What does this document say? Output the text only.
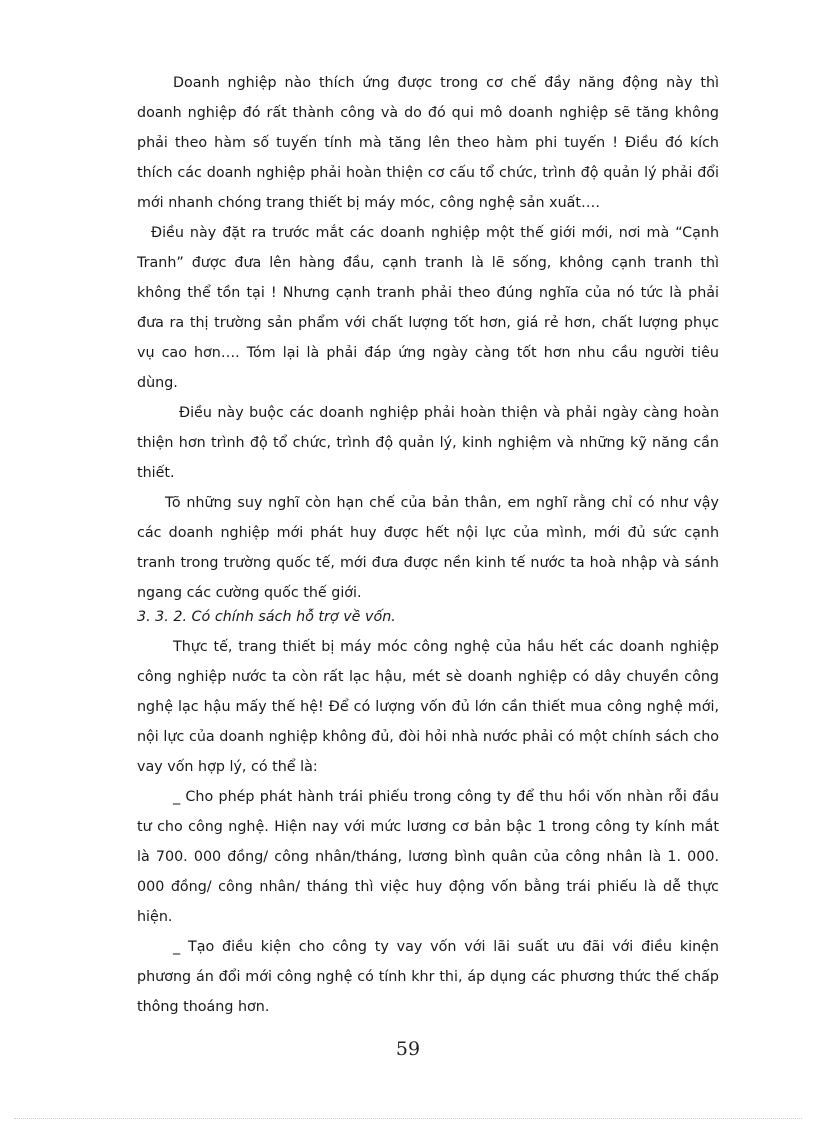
Doanh nghiệp nào thích ứng được trong cơ chế đầy năng động này thì doanh nghiệp đó rất thành công và do đó qui mô doanh nghiệp sẽ tăng không phải theo hàm số tuyến tính mà tăng lên theo hàm phi tuyến ! Điều đó kích thích các doanh nghiệp phải hoàn thiện cơ cấu tổ chức, trình độ quản lý phải đổi mới nhanh chóng trang thiết bị máy móc, công nghệ sản xuất….

Điều này đặt ra trước mắt các doanh nghiệp một thế giới mới, nơi mà “Cạnh Tranh” được đưa lên hàng đầu, cạnh tranh là lẽ sống, không cạnh tranh thì không thể tồn tại ! Nhưng cạnh tranh phải theo đúng nghĩa của nó tức là phải đưa ra thị trường sản phẩm với chất lượng tốt hơn, giá rẻ hơn, chất lượng phục vụ cao hơn…. Tóm lại là phải đáp ứng ngày càng tốt hơn nhu cầu người tiêu dùng.

Điều này buộc các doanh nghiệp phải hoàn thiện và phải ngày càng hoàn thiện hơn trình độ tổ chức, trình độ quản lý, kinh nghiệm và những kỹ năng cần thiết.

Tõ những suy nghĩ còn hạn chế của bản thân, em nghĩ rằng chỉ có như vậy các doanh nghiệp mới phát huy được hết nội lực của mình, mới đủ sức cạnh tranh trong trường quốc tế, mới đưa được nền kinh tế nước ta hoà nhập và sánh ngang các cường quốc thế giới.

3. 3. 2. Có chính sách hỗ trợ về vốn.

Thực tế, trang thiết bị máy móc công nghệ của hầu hết các doanh nghiệp công nghiệp nước ta còn rất lạc hậu, mét sè doanh nghiệp có dây chuyền công nghệ lạc hậu mấy thế hệ! Để có lượng vốn đủ lớn cần thiết mua công nghệ mới, nội lực của doanh nghiệp không đủ, đòi hỏi nhà nước phải có một chính sách cho vay vốn hợp lý, có thể là:

_ Cho phép phát hành trái phiếu trong công ty để thu hồi vốn nhàn rỗi đầu tư cho công nghệ. Hiện nay với mức lương cơ bản bậc 1 trong công ty kính mắt là 700. 000 đồng/ công nhân/tháng, lương bình quân của công nhân là 1. 000. 000 đồng/ công nhân/ tháng thì việc huy động vốn bằng trái phiếu là dễ thực hiện.

_ Tạo điều kiện cho công ty vay vốn với lãi suất ưu đãi với điều kinện phương án đổi mới công nghệ có tính khr thi, áp dụng các phương thức thế chấp thông thoáng hơn.

59
